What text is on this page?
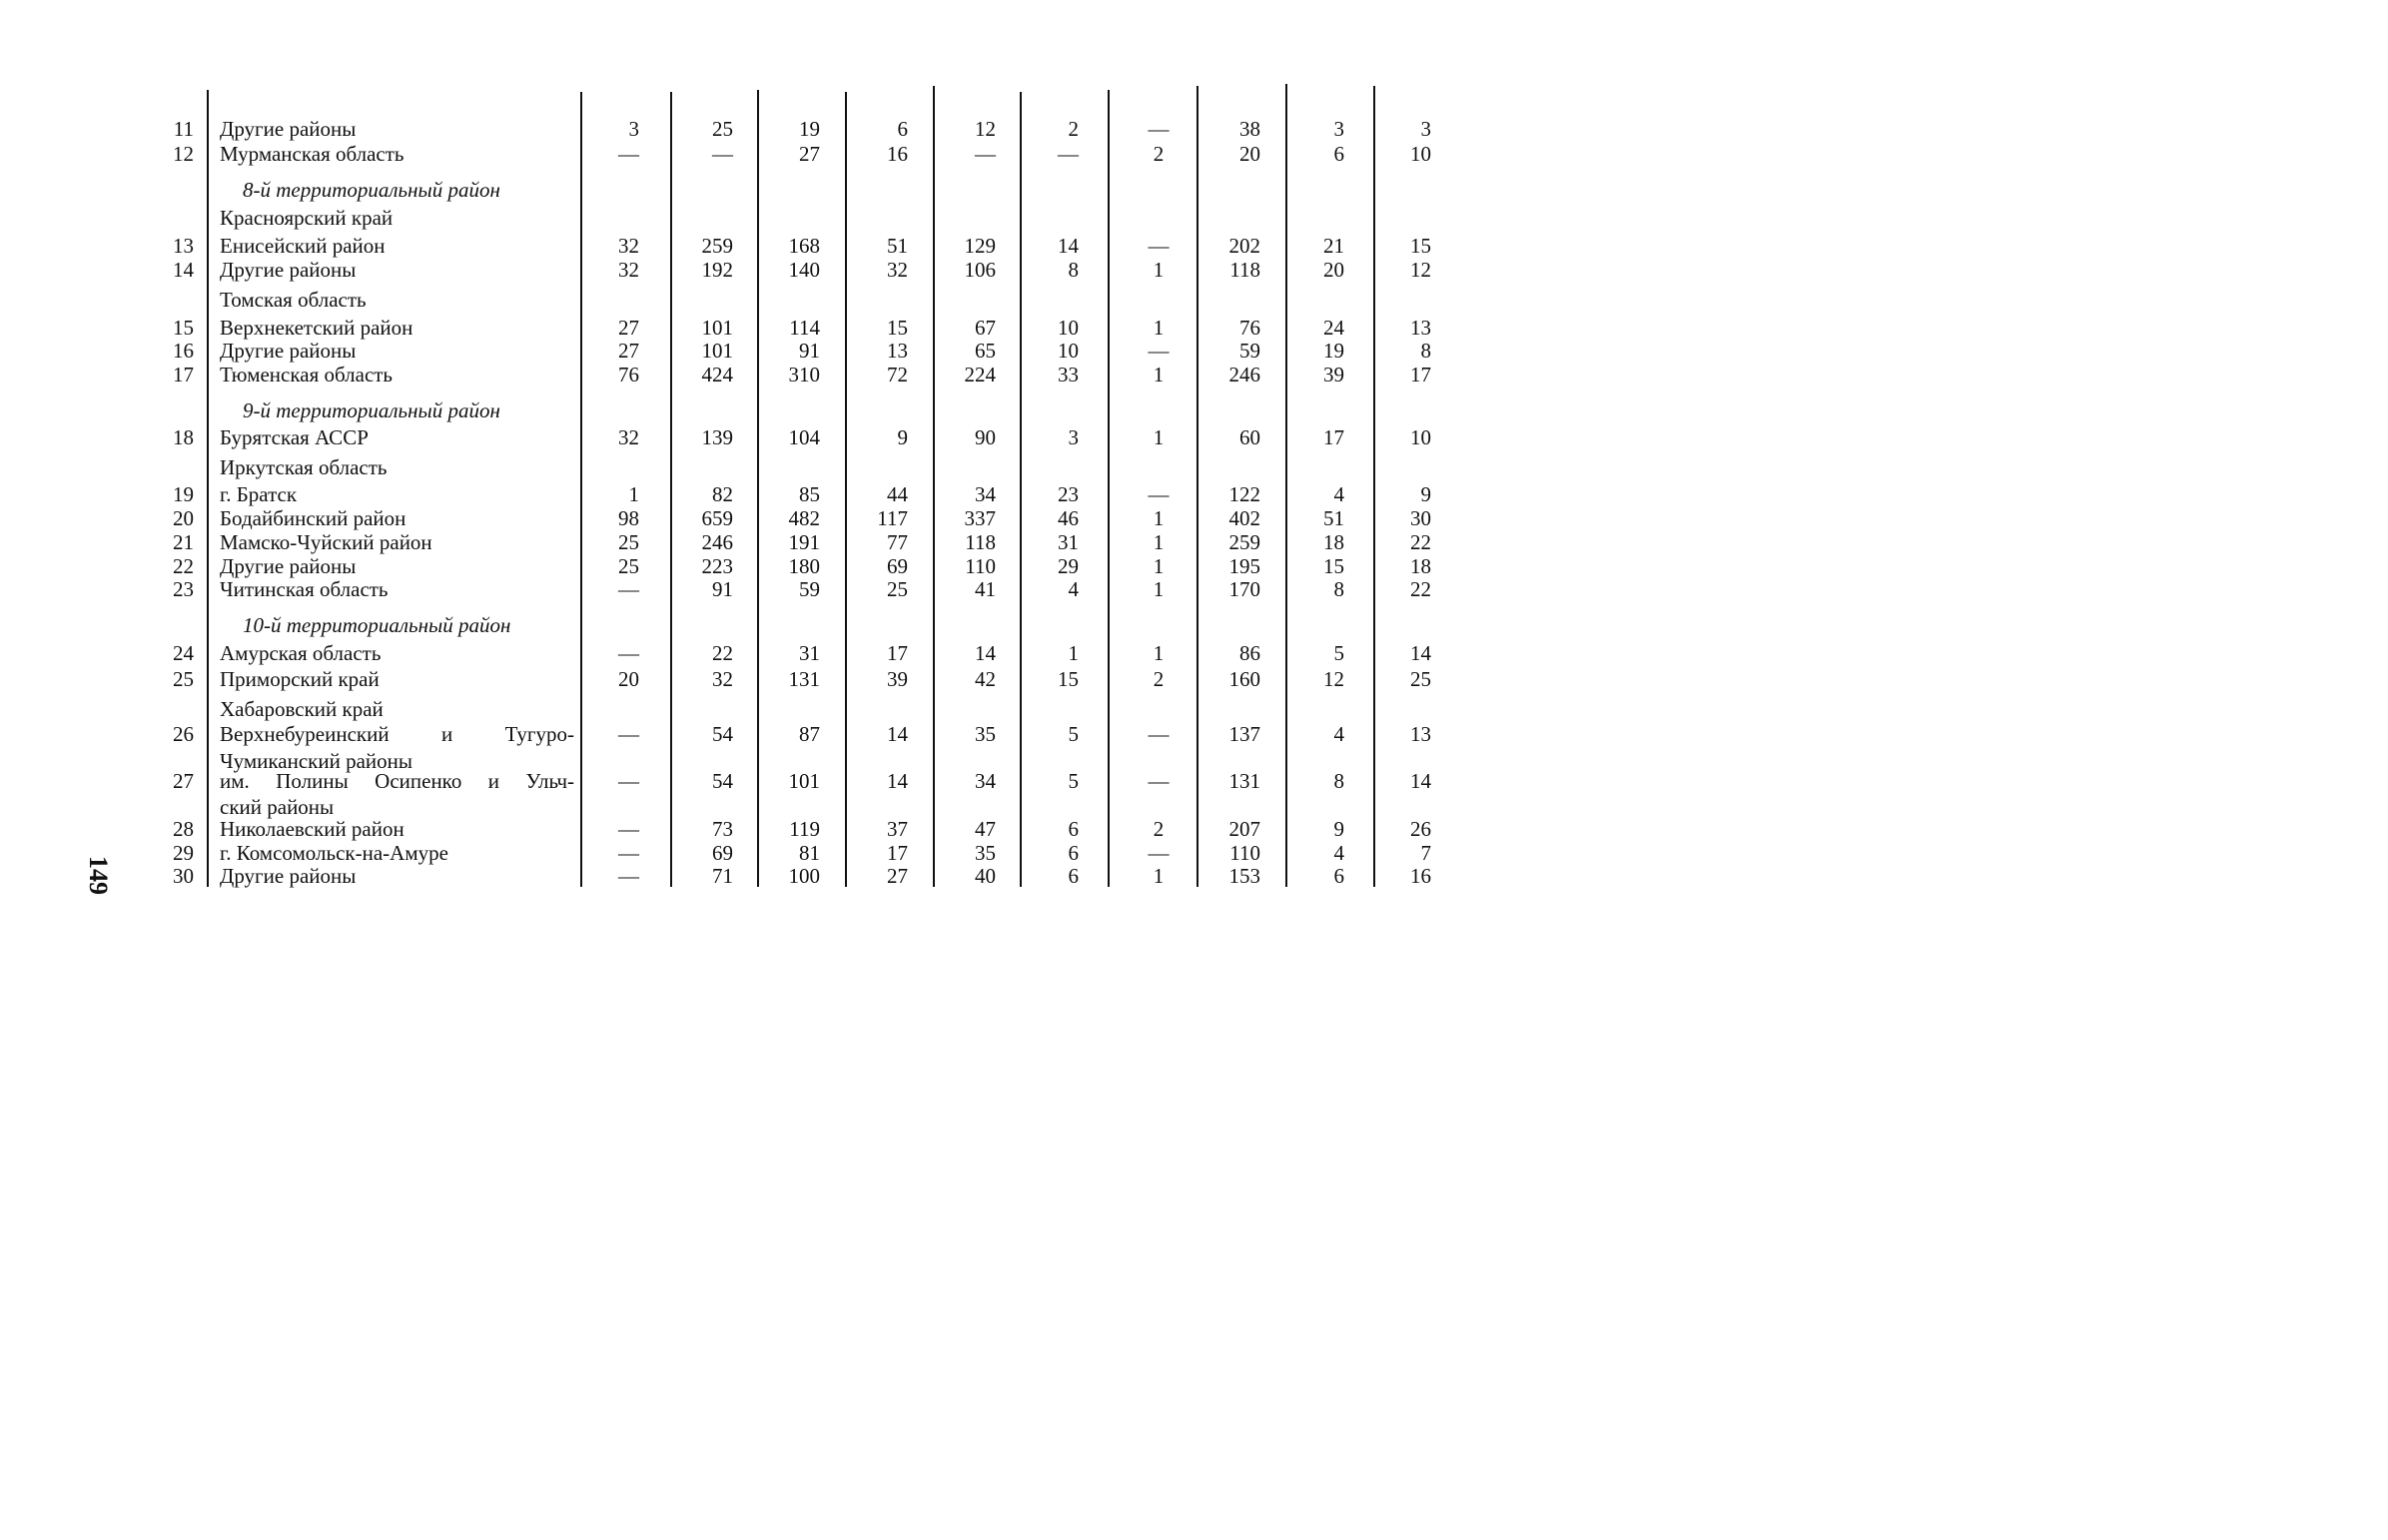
11 Другие районы	3	25	19	6	12	2	—	38	3	3
12 Мурманская область	—	—	27	16	—	—	2	20	6	10
8-й территориальный район
Красноярский край
13 Енисейский район	32	259	168	51	129	14	—	202	21	15
14 Другие районы	32	192	140	32	106	8	1	118	20	12
Томская область
15 Верхнекетский район	27	101	114	15	67	10	1	76	24	13
16 Другие районы	27	101	91	13	65	10	—	59	19	8
17 Тюменская область	76	424	310	72	224	33	1	246	39	17
9-й территориальный район
18 Бурятская АССР	32	139	104	9	90	3	1	60	17	10
Иркутская область
19 г. Братск	1	82	85	44	34	23	—	122	4	9
20 Бодайбинский район	98	659	482	117	337	46	1	402	51	30
21 Мамско-Чуйский район	25	246	191	77	118	31	1	259	18	22
22 Другие районы	25	223	180	69	110	29	1	195	15	18
23 Читинская область	—	91	59	25	41	4	1	170	8	22
10-й территориальный район
24 Амурская область	—	22	31	17	14	1	1	86	5	14
25 Приморский край	20	32	131	39	42	15	2	160	12	25
Хабаровский край
26 Верхнебуреинский и Тугуро-	—	54	87	14	35	5	—	137	4	13
Чумиканский районы
27 им. Полины Осипенко и Ульч-	—	54	101	14	34	5	—	131	8	14
ский районы
28 Николаевский район	—	73	119	37	47	6	2	207	9	26
29 г. Комсомольск-на-Амуре	—	69	81	17	35	6	—	110	4	7
30 Другие районы	—	71	100	27	40	6	1	153	6	16
149
